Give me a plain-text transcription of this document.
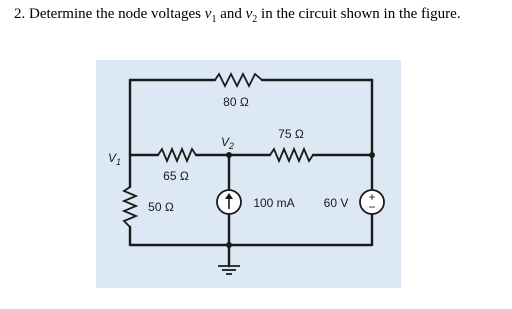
2. Determine the node voltages $v_1$ and $v_2$ in the circuit shown in the figure.
+
−
80 Ω
75 Ω
65 Ω
50 Ω	100 mA 60 V
$V_2$
$V_1$
